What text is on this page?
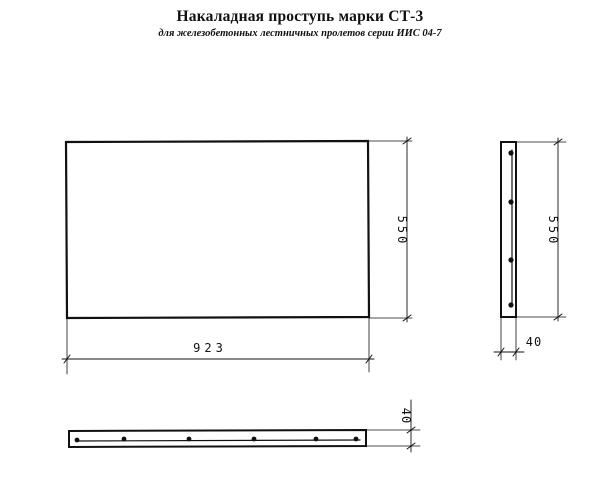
Накаладная проступь марки СТ-3
для железобетонных лестничных пролетов серии ИИС 04-7
923
550	550
40
40
